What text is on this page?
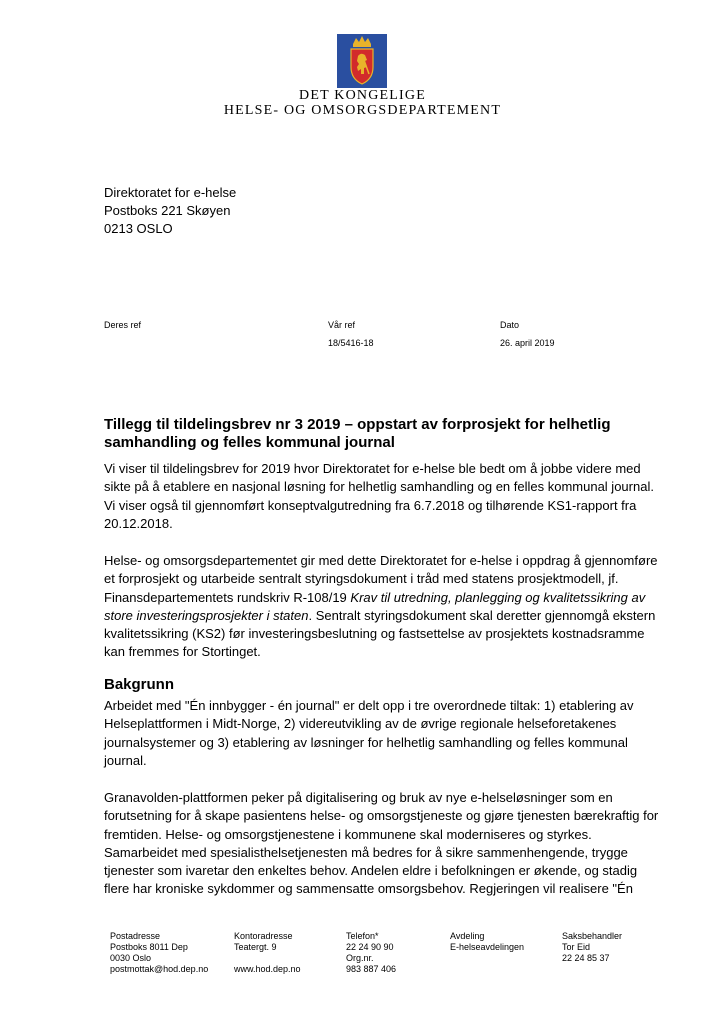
DET KONGELIGE
HELSE- OG OMSORGSDEPARTEMENT
Direktoratet for e-helse
Postboks 221 Skøyen
0213 OSLO
Deres ref	Vår ref
18/5416-18
Dato
26. april 2019
Tillegg til tildelingsbrev nr 3 2019 – oppstart av forprosjekt for helhetlig samhandling og felles kommunal journal

Vi viser til tildelingsbrev for 2019 hvor Direktoratet for e-helse ble bedt om å jobbe videre med sikte på å etablere en nasjonal løsning for helhetlig samhandling og en felles kommunal journal. Vi viser også til gjennomført konseptvalgutredning fra 6.7.2018 og tilhørende KS1-rapport fra 20.12.2018.

Helse- og omsorgsdepartementet gir med dette Direktoratet for e-helse i oppdrag å gjennomføre et forprosjekt og utarbeide sentralt styringsdokument i tråd med statens prosjektmodell, jf. Finansdepartementets rundskriv R-108/19 Krav til utredning, planlegging og kvalitetssikring av store investeringsprosjekter i staten. Sentralt styringsdokument skal deretter gjennomgå ekstern kvalitetssikring (KS2) før investeringsbeslutning og fastsettelse av prosjektets kostnadsramme kan fremmes for Stortinget.

Bakgrunn

Arbeidet med "Én innbygger - én journal" er delt opp i tre overordnede tiltak: 1) etablering av Helseplattformen i Midt-Norge, 2) videreutvikling av de øvrige regionale helseforetakenes journalsystemer og 3) etablering av løsninger for helhetlig samhandling og felles kommunal journal.

Granavolden-plattformen peker på digitalisering og bruk av nye e-helseløsninger som en forutsetning for å skape pasientens helse- og omsorgstjeneste og gjøre tjenesten bærekraftig for fremtiden. Helse- og omsorgstjenestene i kommunene skal moderniseres og styrkes. Samarbeidet med spesialisthelsetjenesten må bedres for å sikre sammenhengende, trygge tjenester som ivaretar den enkeltes behov. Andelen eldre i befolkningen er økende, og stadig flere har kroniske sykdommer og sammensatte omsorgsbehov. Regjeringen vil realisere "Én

Postadresse
Postboks 8011 Dep
0030 Oslo
postmottak@hod.dep.no
Kontoradresse
Teatergt. 9

www.hod.dep.no
Telefon*
22 24 90 90
Org.nr.
983 887 406
Avdeling
E-helseavdelingen
Saksbehandler
Tor Eid
22 24 85 37
